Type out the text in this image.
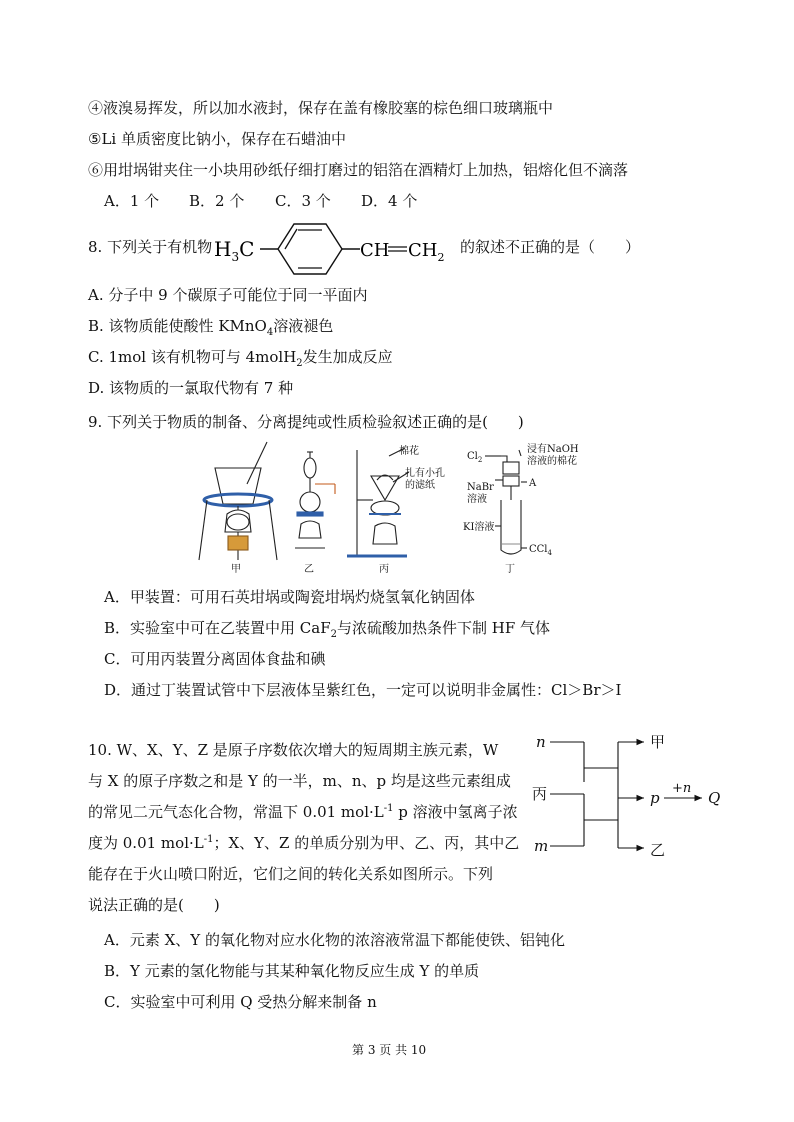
④液溴易挥发，所以加水液封，保存在盖有橡胶塞的棕色细口玻璃瓶中
⑤Li 单质密度比钠小，保存在石蜡油中
⑥用坩埚钳夹住一小块用砂纸仔细打磨过的铝箔在酒精灯上加热，铝熔化但不滴落
A．1 个 B．2 个 C．3 个 D．4 个
8. 下列关于有机物 $H_3C$	CH $CH_2$
的叙述不正确的是（　　）
A. 分子中 9 个碳原子可能位于同一平面内
B. 该物质能使酸性 KMnO$_4$溶液褪色
C. 1mol 该有机物可与 4molH$_2$发生加成反应
D. 该物质的一氯取代物有 7 种
9. 下列关于物质的制备、分离提纯或性质检验叙述正确的是(　　)
甲	乙	丙	丁
棉花
扎有小孔
的滤纸
浸有NaOH
溶液的棉花
$Cl_2$
NaBr
溶液
A
KI溶液
CCl$_4$
A．甲装置：可用石英坩埚或陶瓷坩埚灼烧氢氧化钠固体
B．实验室中可在乙装置中用 CaF$_2$与浓硫酸加热条件下制 HF 气体
C．可用丙装置分离固体食盐和碘
D．通过丁装置试管中下层液体呈紫红色，一定可以说明非金属性：Cl＞Br＞I
10. W、X、Y、Z 是原子序数依次增大的短周期主族元素，W
与 X 的原子序数之和是 Y 的一半，m、n、p 均是这些元素组成
的常见二元气态化合物，常温下 0.01 $mol\cdot L^{-1}$ p 溶液中氢离子浓
度为 0.01 $mol\cdot L^{-1}$；X、Y、Z 的单质分别为甲、乙、丙，其中乙
能存在于火山喷口附近，它们之间的转化关系如图所示。下列
说法正确的是(　　)
n
丙
m
甲
p
+n
Q
乙
A．元素 X、Y 的氧化物对应水化物的浓溶液常温下都能使铁、铝钝化
B．Y 元素的氢化物能与其某种氧化物反应生成 Y 的单质
C．实验室中可利用 Q 受热分解来制备 n
第 3 页 共 10
